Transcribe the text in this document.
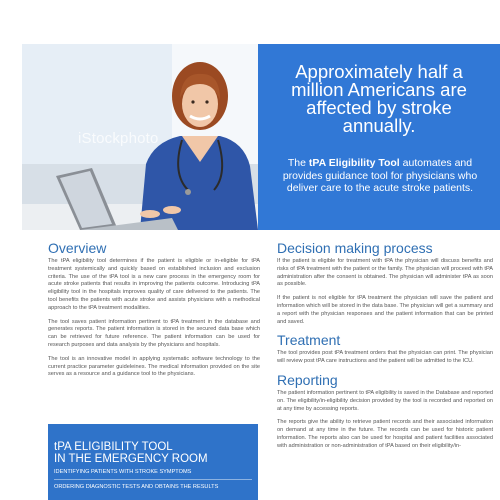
iStockphoto
Approximately half a million Americans are affected by stroke annually.
The tPA Eligibility Tool automates and provides guidance tool for physicians who deliver care to the acute stroke patients.
Overview

The tPA eligibility tool determines if the patient is eligible or in-eligible for tPA treatment systemically and quickly based on established inclusion and exclusion criteria. The use of the tPA tool is a new care process in the emergency room for acute stroke patients that results in improving the patients outcome. Introducing tPA eligibility tool in the hospitals improves quality of care delivered to the patients. The tool benefits the patients with acute stroke and assists physicians with a methodical approach to the tPA treatment modalities.

The tool saves patient information pertinent to tPA treatment in the database and generates reports. The patient information is stored in the secured data base which can be retrieved for future reference. The patient information can be used for research purposes and data analysis by the physicians and hospitals.

The tool is an innovative model in applying systematic software technology to the current practice parameter guideleines. The medical information provided on the site serves as a resource and a guidance tool to the physicians.

tPA ELIGIBILITY TOOL
IN THE EMERGENCY ROOM
IDENTIFYING PATIENTS WITH STROKE SYMPTOMS
ORDERING DIAGNOSTIC TESTS AND OBTAINS THE RESULTS
Decision making process

If the patient is eligible for treatment with tPA the physician will discuss benefits and risks of tPA treatment with the patient or the family. The physician will proceed with tPA administration after the consent is obtained. The physician will administer tPA as soon as possible.

If the patient is not eligible for tPA treatment the physician will save the patient and information which will be stored in the data base. The physician will get a summary and a report with the physician responses and the patient information that can be printed and saved.

Treatment

The tool provides post tPA treatment orders that the physician can print. The physician will review post tPA care instructions and the patient will be admitted to the ICU.

Reporting

The patient information pertinent to tPA eligibility is saved in the Database and reported on. The eligibility/in-eligibility decision provided by the tool is recorded and reported on at any time by accessing reports.

The reports give the ability to retrieve patient records and their associated information on demand at any time in the future. The records can be used for historic patient information. The reports also can be used for hospital and patient facilities associated with administration or non-administration of tPA based on their eligibility/in-
